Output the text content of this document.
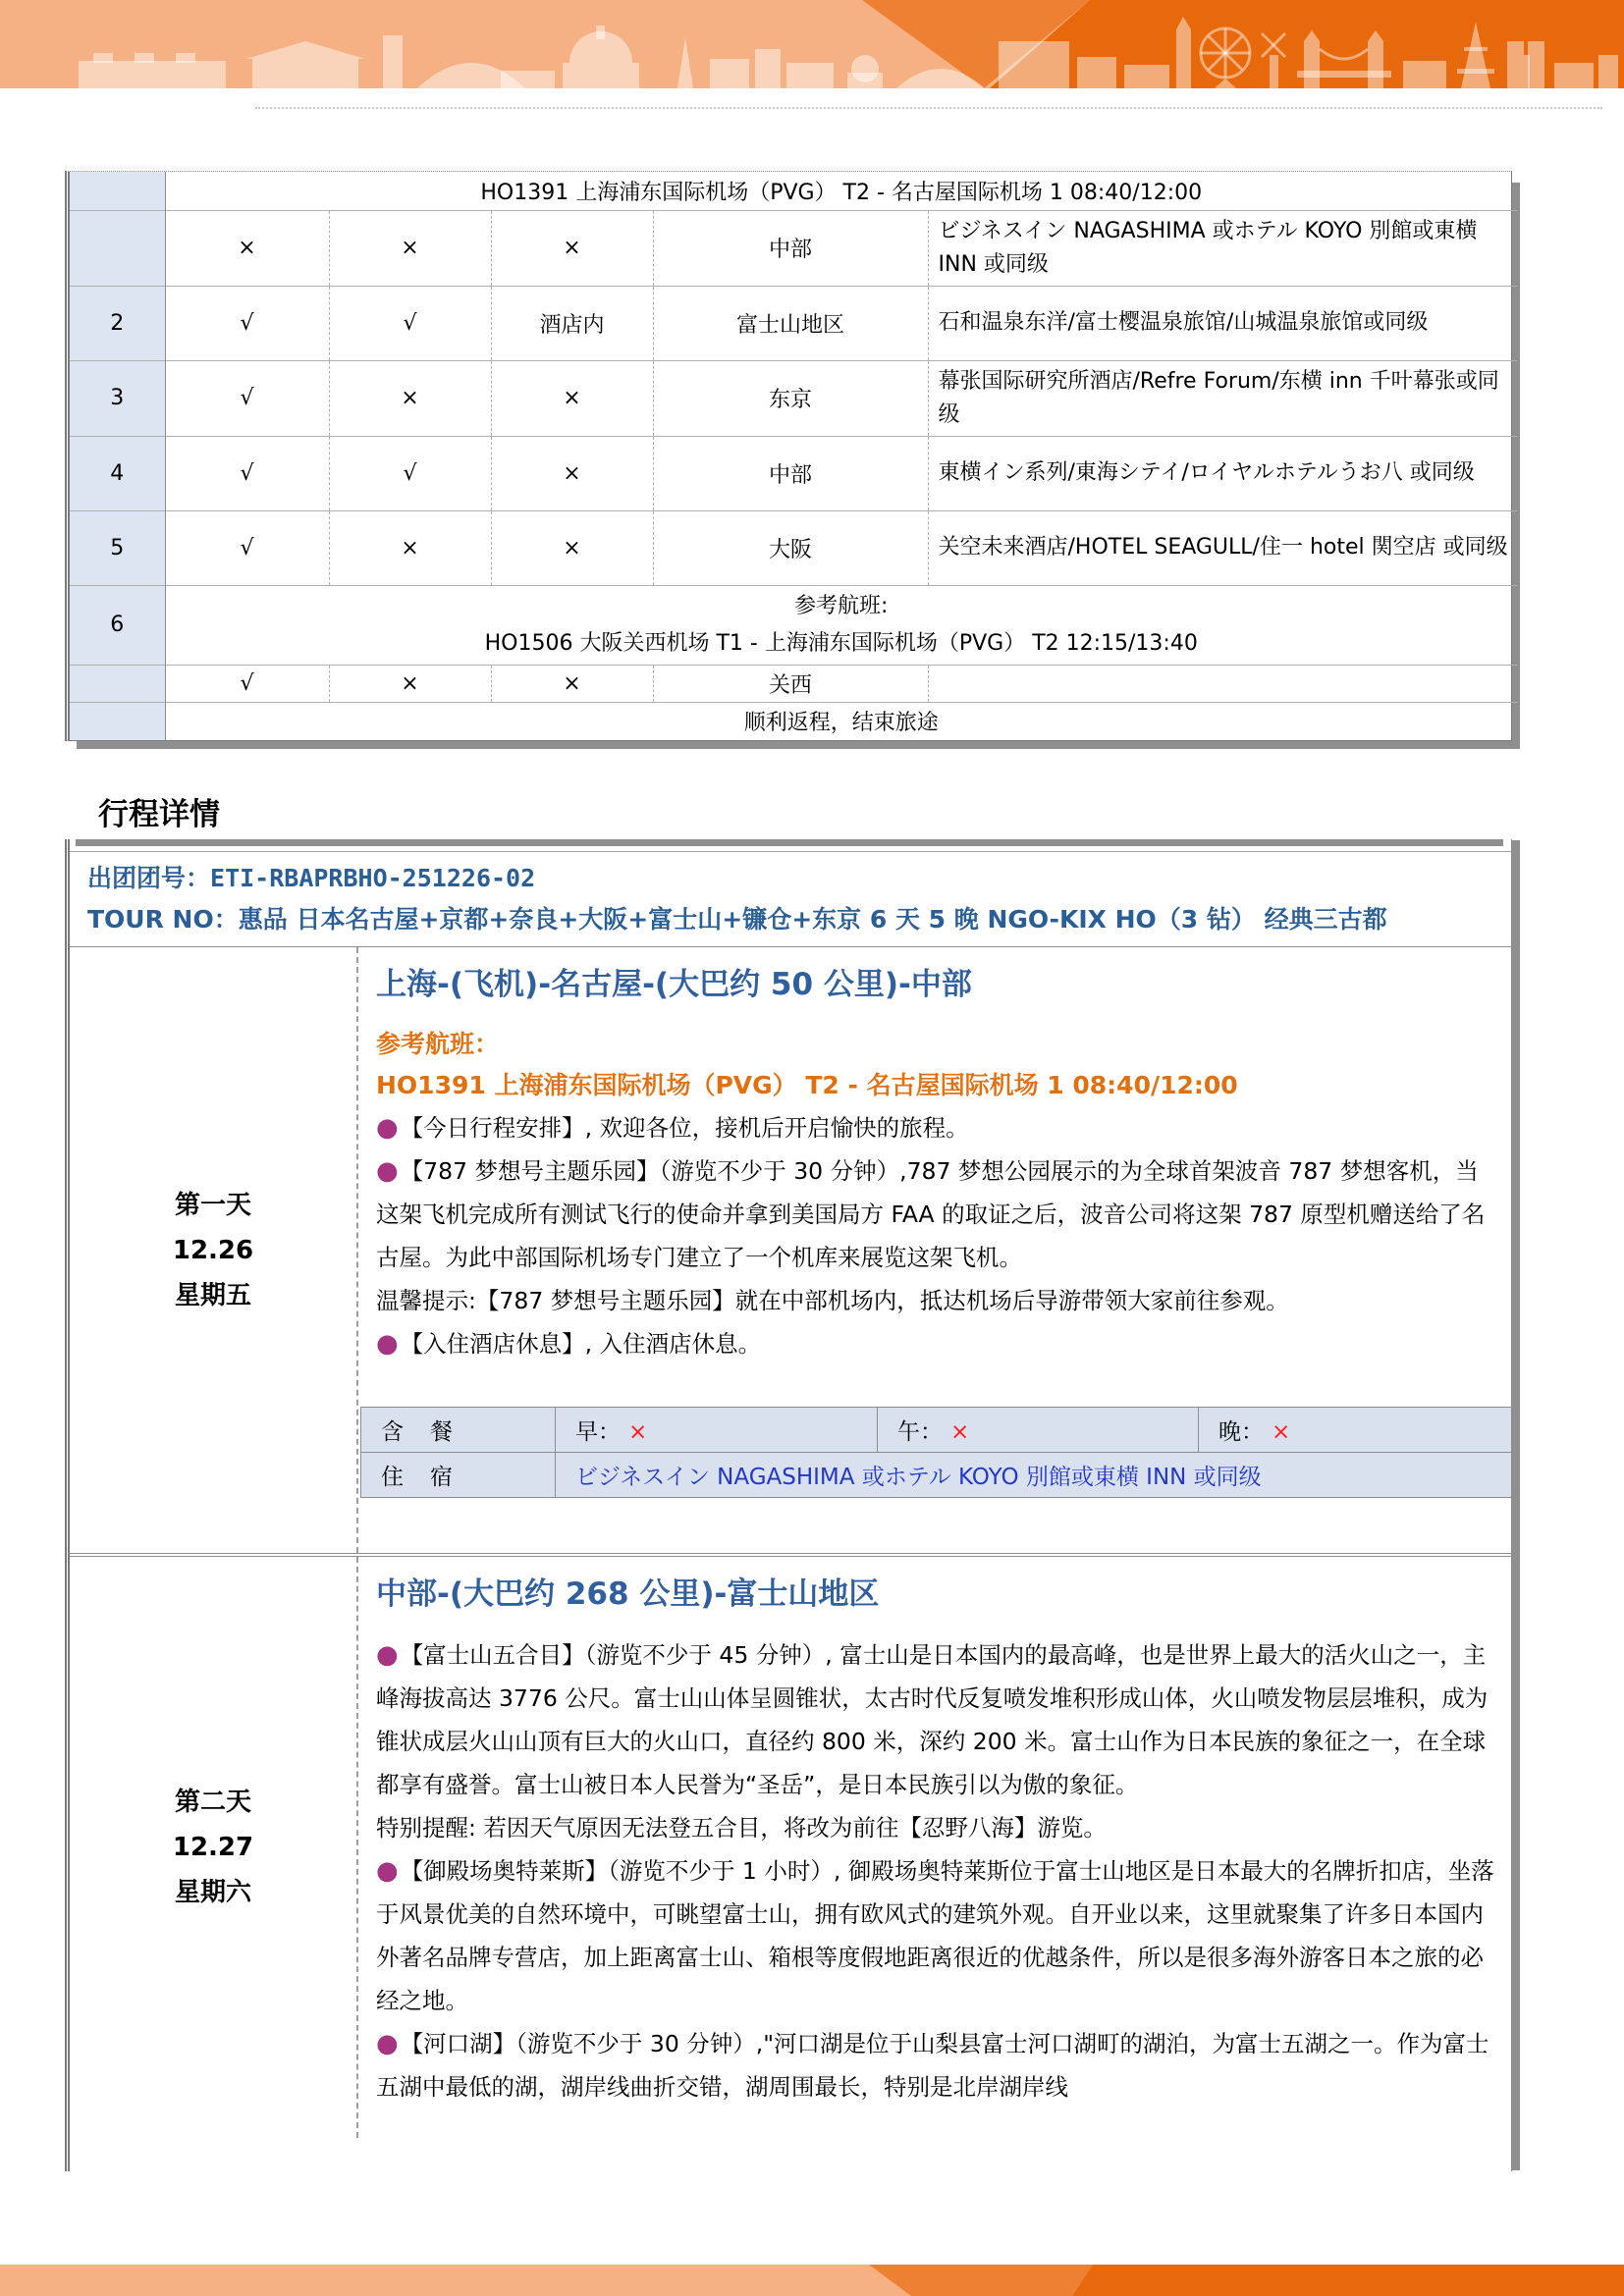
	HO1391 上海浦东国际机场（PVG） T2 - 名古屋国际机场 1 08:40/12:00				
	×	×	×	中部	ビジネスイン NAGASHIMA 或ホテル KOYO 別館或東横 INN 或同级
2	√	√	酒店内	富士山地区	石和温泉东洋/富士樱温泉旅馆/山城温泉旅馆或同级
3	√	×	×	东京	幕张国际研究所酒店/Refre Forum/东横 inn 千叶幕张或同级
4	√	√	×	中部	東横イン系列/東海シテイ/ロイヤルホテルうお八 或同级
5	√	×	×	大阪	关空未来酒店/HOTEL SEAGULL/住一 hotel 関空店 或同级
6	参考航班:
HO1506 大阪关西机场 T1 - 上海浦东国际机场（PVG） T2 12:15/13:40				

	√	×	×	关西	
	顺利返程，结束旅途				
行程详情
出团团号：ETI-RBAPRBHO-251226-02
TOUR NO：惠品 日本名古屋+京都+奈良+大阪+富士山+镰仓+东京 6 天 5 晚 NGO-KIX HO（3 钻） 经典三古都
第一天
12.26
星期五
上海-(飞机)-名古屋-(大巴约 50 公里)-中部
参考航班：
HO1391 上海浦东国际机场（PVG） T2 - 名古屋国际机场 1 08:40/12:00

●【今日行程安排】, 欢迎各位，接机后开启愉快的旅程。

●【787 梦想号主题乐园】（游览不少于 30 分钟）,787 梦想公园展示的为全球首架波音 787 梦想客机，当这架飞机完成所有测试飞行的使命并拿到美国局方 FAA 的取证之后，波音公司将这架 787 原型机赠送给了名古屋。为此中部国际机场专门建立了一个机库来展览这架飞机。

温馨提示:【787 梦想号主题乐园】就在中部机场内，抵达机场后导游带领大家前往参观。

●【入住酒店休息】, 入住酒店休息。

含　餐	早： ×	午： ×	晚： ×
住　宿	ビジネスイン NAGASHIMA 或ホテル KOYO 別館或東横 INN 或同级		
第二天
12.27
星期六
中部-(大巴约 268 公里)-富士山地区

●【富士山五合目】（游览不少于 45 分钟）, 富士山是日本国内的最高峰，也是世界上最大的活火山之一，主峰海拔高达 3776 公尺。富士山山体呈圆锥状，太古时代反复喷发堆积形成山体，火山喷发物层层堆积，成为锥状成层火山山顶有巨大的火山口，直径约 800 米，深约 200 米。富士山作为日本民族的象征之一，在全球都享有盛誉。富士山被日本人民誉为“圣岳”，是日本民族引以为傲的象征。

特别提醒: 若因天气原因无法登五合目，将改为前往【忍野八海】游览。

●【御殿场奥特莱斯】（游览不少于 1 小时）, 御殿场奥特莱斯位于富士山地区是日本最大的名牌折扣店，坐落于风景优美的自然环境中，可眺望富士山，拥有欧风式的建筑外观。自开业以来，这里就聚集了许多日本国内外著名品牌专营店，加上距离富士山、箱根等度假地距离很近的优越条件，所以是很多海外游客日本之旅的必经之地。

●【河口湖】（游览不少于 30 分钟）,"河口湖是位于山梨县富士河口湖町的湖泊，为富士五湖之一。作为富士五湖中最低的湖，湖岸线曲折交错，湖周围最长，特别是北岸湖岸线
